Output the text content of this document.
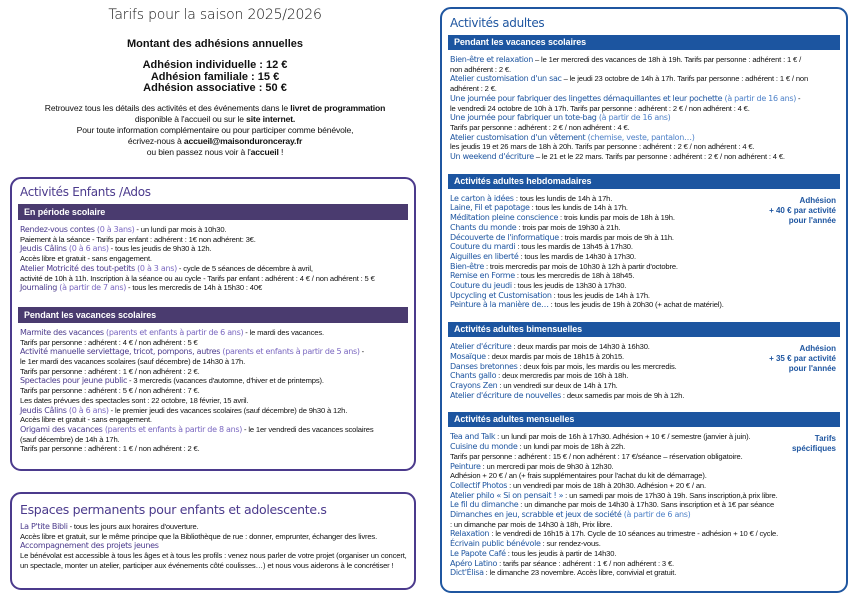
Tarifs pour la saison 2025/2026
Montant des adhésions annuelles
Adhésion individuelle : 12 €
Adhésion familiale : 15 €
Adhésion associative : 50 €
Retrouvez tous les détails des activités et des événements dans le livret de programmation
disponible à l'accueil ou sur le site internet.
Pour toute information complémentaire ou pour participer comme bénévole,
écrivez-nous à accueil@maisonduronceray.fr
ou bien passez nous voir à l'accueil !
Activités Enfants /Ados
En période scolaire
Rendez-vous contes (0 à 3ans) - un lundi par mois à 10h30.
Paiement à la séance - Tarifs par enfant : adhérent : 1€ non adhérent: 3€.
Jeudis Câlins (0 à 6 ans) - tous les jeudis de 9h30 à 12h.
Accès libre et gratuit - sans engagement.
Atelier Motricité des tout-petits (0 à 3 ans) - cycle de 5 séances de décembre à avril,
activité de 10h à 11h. Inscription à la séance ou au cycle - Tarifs par enfant : adhérent : 4 € / non adhérent : 5 €
Journaling (à partir de 7 ans) - tous les mercredis de 14h à 15h30 : 40€
Pendant les vacances scolaires
Marmite des vacances (parents et enfants à partir de 6 ans) - le mardi des vacances.
Tarifs par personne : adhérent : 4 € / non adhérent : 5 €
Activité manuelle serviettage, tricot, pompons, autres (parents et enfants à partir de 5 ans) -
le 1er mardi des vacances scolaires (sauf décembre) de 14h30 à 17h.
Tarifs par personne : adhérent : 1 € / non adhérent : 2 €.
Spectacles pour jeune public - 3 mercredis (vacances d'automne, d'hiver et de printemps).
Tarifs par personne : adhérent : 5 € / non adhérent : 7 €.
Les dates prévues des spectacles sont : 22 octobre, 18 février, 15 avril.
Jeudis Câlins (0 à 6 ans) - le premier jeudi des vacances scolaires (sauf décembre) de 9h30 à 12h.
Accès libre et gratuit - sans engagement.
Origami des vacances (parents et enfants à partir de 8 ans) - le 1er vendredi des vacances scolaires
(sauf décembre) de 14h à 17h.
Tarifs par personne : adhérent : 1 € / non adhérent : 2 €.
Espaces permanents pour enfants et adolescente.s
La P'tite Bibli - tous les jours aux horaires d'ouverture.
Accès libre et gratuit, sur le même principe que la Bibliothèque de rue : donner, emprunter, échanger des livres.
Accompagnement des projets jeunes
Le bénévolat est accessible à tous les âges et à tous les profils : venez nous parler de votre projet (organiser un concert, un spectacle, monter un atelier, participer aux événements côté coulisses…) et nous vous aiderons à le concrétiser !
Activités adultes
Pendant les vacances scolaires
Bien-être et relaxation – le 1er mercredi des vacances de 18h à 19h. Tarifs par personne : adhérent : 1 € /
non adhérent : 2 €.
Atelier customisation d'un sac – le jeudi 23 octobre de 14h à 17h. Tarifs par personne : adhérent : 1 € / non
adhérent : 2 €.
Une journée pour fabriquer des lingettes démaquillantes et leur pochette (à partir de 16 ans) -
le vendredi 24 octobre de 10h à 17h. Tarifs par personne : adhérent : 2 € / non adhérent : 4 €.
Une journée pour fabriquer un tote-bag (à partir de 16 ans)
Tarifs par personne : adhérent : 2 € / non adhérent : 4 €.
Atelier customisation d'un vêtement (chemise, veste, pantalon…)
les jeudis 19 et 26 mars de 18h à 20h. Tarifs par personne : adhérent : 2 € / non adhérent : 4 €.
Un weekend d'écriture – le 21 et le 22 mars. Tarifs par personne : adhérent : 2 € / non adhérent : 4 €.
Activités adultes hebdomadaires
Le carton à idées : tous les lundis de 14h à 17h.
Laine, Fil et papotage : tous les lundis de 14h à 17h.
Méditation pleine conscience : trois lundis par mois de 18h à 19h.
Chants du monde : trois par mois de 19h30 à 21h.
Découverte de l'informatique : trois mardis par mois de 9h à 11h.
Couture du mardi : tous les mardis de 13h45 à 17h30.
Aiguilles en liberté : tous les mardis de 14h30 à 17h30.
Bien-être : trois mercredis par mois de 10h30 à 12h à partir d'octobre.
Remise en Forme : tous les mercredis de 18h à 18h45.
Couture du jeudi : tous les jeudis de 13h30 à 17h30.
Upcycling et Customisation : tous les jeudis de 14h à 17h.
Peinture à la manière de… : tous les jeudis de 19h à 20h30 (+ achat de matériel).
Adhésion
+ 40 € par activité
pour l'année
Activités adultes bimensuelles
Atelier d'écriture : deux mardis par mois de 14h30 à 16h30.
Mosaïque : deux mardis par mois de 18h15 à 20h15.
Danses bretonnes : deux fois par mois, les mardis ou les mercredis.
Chants gallo : deux mercredis par mois de 16h à 18h.
Crayons Zen : un vendredi sur deux de 14h à 17h.
Atelier d'écriture de nouvelles : deux samedis par mois de 9h à 12h.
Adhésion
+ 35 € par activité
pour l'année
Activités adultes mensuelles
Tea and Talk : un lundi par mois de 16h à 17h30. Adhésion + 10 € / semestre (janvier à juin).
Cuisine du monde : un lundi par mois de 18h à 22h.
Tarifs par personne : adhérent : 15 € / non adhérent : 17 €/séance – réservation obligatoire.
Peinture : un mercredi par mois de 9h30 à 12h30.
Adhésion + 20 € / an (+ frais supplémentaires pour l'achat du kit de démarrage).
Collectif Photos : un vendredi par mois de 18h à 20h30. Adhésion + 20 € / an.
Atelier philo « Si on pensait ! » : un samedi par mois de 17h30 à 19h. Sans inscription,à prix libre.
Le fil du dimanche : un dimanche par mois de 14h30 à 17h30. Sans inscription et à 1€ par séance
Dimanches en jeu, scrabble et jeux de société (à partir de 6 ans)
: un dimanche par mois de 14h30 à 18h, Prix libre.
Relaxation : le vendredi de 16h15 à 17h. Cycle de 10 séances au trimestre - adhésion + 10 € / cycle.
Écrivain public bénévole : sur rendez-vous.
Le Papote Café : tous les jeudis à partir de 14h30.
Apéro Latino : tarifs par séance : adhérent : 1 € / non adhérent : 3 €.
Dict'Élisa : le dimanche 23 novembre. Accès libre, convivial et gratuit.
Tarifs
spécifiques
